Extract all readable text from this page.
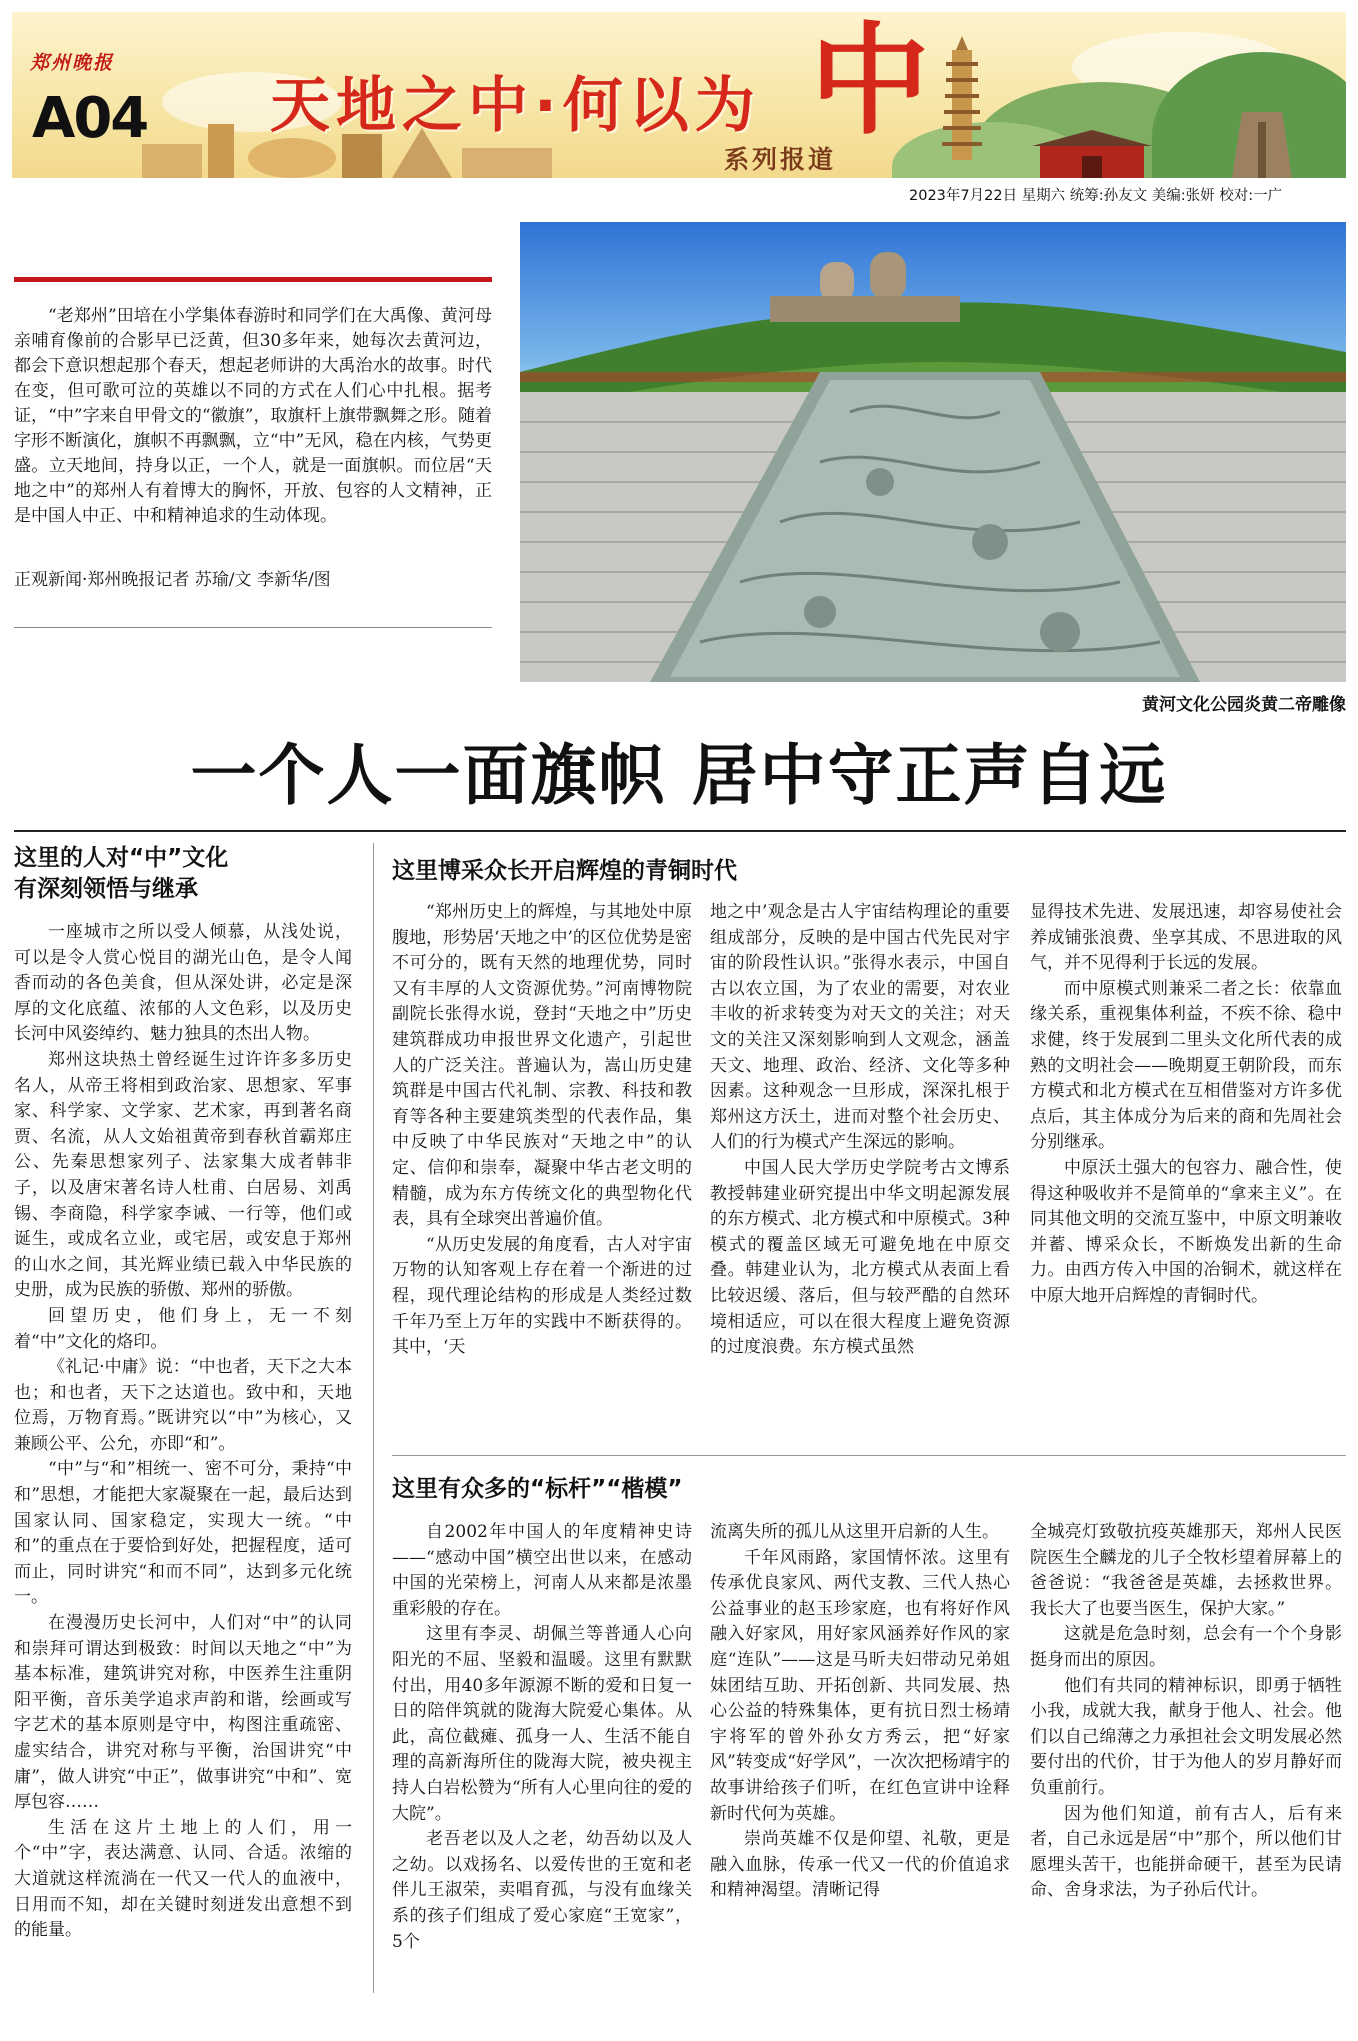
郑州晚报
A04 天地之中·何以为 中
系列报道
2023年7月22日 星期六 统筹:孙友文 美编:张妍 校对:一广
“老郑州”田培在小学集体春游时和同学们在大禹像、黄河母亲哺育像前的合影早已泛黄，但30多年来，她每次去黄河边，都会下意识想起那个春天，想起老师讲的大禹治水的故事。时代在变，但可歌可泣的英雄以不同的方式在人们心中扎根。据考证，“中”字来自甲骨文的“徽旗”，取旗杆上旗带飘舞之形。随着字形不断演化，旗帜不再飘飘，立“中”无风，稳在内核，气势更盛。立天地间，持身以正，一个人，就是一面旗帜。而位居“天地之中”的郑州人有着博大的胸怀，开放、包容的人文精神，正是中国人中正、中和精神追求的生动体现。
正观新闻·郑州晚报记者 苏瑜/文 李新华/图
黄河文化公园炎黄二帝雕像
一个人一面旗帜 居中守正声自远
这里的人对“中”文化
有深刻领悟与继承

一座城市之所以受人倾慕，从浅处说，可以是令人赏心悦目的湖光山色，是令人闻香而动的各色美食，但从深处讲，必定是深厚的文化底蕴、浓郁的人文色彩，以及历史长河中风姿绰约、魅力独具的杰出人物。

郑州这块热土曾经诞生过许许多多历史名人，从帝王将相到政治家、思想家、军事家、科学家、文学家、艺术家，再到著名商贾、名流，从人文始祖黄帝到春秋首霸郑庄公、先秦思想家列子、法家集大成者韩非子，以及唐宋著名诗人杜甫、白居易、刘禹锡、李商隐，科学家李诫、一行等，他们或诞生，或成名立业，或宅居，或安息于郑州的山水之间，其光辉业绩已载入中华民族的史册，成为民族的骄傲、郑州的骄傲。

回望历史，他们身上，无一不刻着“中”文化的烙印。

《礼记·中庸》说：“中也者，天下之大本也；和也者，天下之达道也。致中和，天地位焉，万物育焉。”既讲究以“中”为核心，又兼顾公平、公允，亦即“和”。

“中”与“和”相统一、密不可分，秉持“中和”思想，才能把大家凝聚在一起，最后达到国家认同、国家稳定，实现大一统。“中和”的重点在于要恰到好处，把握程度，适可而止，同时讲究“和而不同”，达到多元化统一。

在漫漫历史长河中，人们对“中”的认同和崇拜可谓达到极致：时间以天地之“中”为基本标准，建筑讲究对称，中医养生注重阴阳平衡，音乐美学追求声韵和谐，绘画或写字艺术的基本原则是守中，构图注重疏密、虚实结合，讲究对称与平衡，治国讲究“中庸”，做人讲究“中正”，做事讲究“中和”、宽厚包容……

生活在这片土地上的人们，用一个“中”字，表达满意、认同、合适。浓缩的大道就这样流淌在一代又一代人的血液中，日用而不知，却在关键时刻迸发出意想不到的能量。

这里博采众长开启辉煌的青铜时代

“郑州历史上的辉煌，与其地处中原腹地，形势居‘天地之中’的区位优势是密不可分的，既有天然的地理优势，同时又有丰厚的人文资源优势。”河南博物院副院长张得水说，登封“天地之中”历史建筑群成功申报世界文化遗产，引起世人的广泛关注。普遍认为，嵩山历史建筑群是中国古代礼制、宗教、科技和教育等各种主要建筑类型的代表作品，集中反映了中华民族对“天地之中”的认定、信仰和崇奉，凝聚中华古老文明的精髓，成为东方传统文化的典型物化代表，具有全球突出普遍价值。

“从历史发展的角度看，古人对宇宙万物的认知客观上存在着一个渐进的过程，现代理论结构的形成是人类经过数千年乃至上万年的实践中不断获得的。其中，‘天

地之中’观念是古人宇宙结构理论的重要组成部分，反映的是中国古代先民对宇宙的阶段性认识。”张得水表示，中国自古以农立国，为了农业的需要，对农业丰收的祈求转变为对天文的关注；对天文的关注又深刻影响到人文观念，涵盖天文、地理、政治、经济、文化等多种因素。这种观念一旦形成，深深扎根于郑州这方沃土，进而对整个社会历史、人们的行为模式产生深远的影响。

中国人民大学历史学院考古文博系教授韩建业研究提出中华文明起源发展的东方模式、北方模式和中原模式。3种模式的覆盖区域无可避免地在中原交叠。韩建业认为，北方模式从表面上看比较迟缓、落后，但与较严酷的自然环境相适应，可以在很大程度上避免资源的过度浪费。东方模式虽然

显得技术先进、发展迅速，却容易使社会养成铺张浪费、坐享其成、不思进取的风气，并不见得利于长远的发展。

而中原模式则兼采二者之长：依靠血缘关系，重视集体利益，不疾不徐、稳中求健，终于发展到二里头文化所代表的成熟的文明社会——晚期夏王朝阶段，而东方模式和北方模式在互相借鉴对方许多优点后，其主体成分为后来的商和先周社会分别继承。

中原沃土强大的包容力、融合性，使得这种吸收并不是简单的“拿来主义”。在同其他文明的交流互鉴中，中原文明兼收并蓄、博采众长，不断焕发出新的生命力。由西方传入中国的冶铜术，就这样在中原大地开启辉煌的青铜时代。

这里有众多的“标杆”“楷模”

自2002年中国人的年度精神史诗——“感动中国”横空出世以来，在感动中国的光荣榜上，河南人从来都是浓墨重彩般的存在。

这里有李灵、胡佩兰等普通人心向阳光的不屈、坚毅和温暖。这里有默默付出，用40多年源源不断的爱和日复一日的陪伴筑就的陇海大院爱心集体。从此，高位截瘫、孤身一人、生活不能自理的高新海所住的陇海大院，被央视主持人白岩松赞为“所有人心里向往的爱的大院”。

老吾老以及人之老，幼吾幼以及人之幼。以戏扬名、以爱传世的王宽和老伴儿王淑荣，卖唱育孤，与没有血缘关系的孩子们组成了爱心家庭“王宽家”，5个

流离失所的孤儿从这里开启新的人生。

千年风雨路，家国情怀浓。这里有传承优良家风、两代支教、三代人热心公益事业的赵玉珍家庭，也有将好作风融入好家风，用好家风涵养好作风的家庭“连队”——这是马昕夫妇带动兄弟姐妹团结互助、开拓创新、共同发展、热心公益的特殊集体，更有抗日烈士杨靖宇将军的曾外孙女方秀云，把“好家风”转变成“好学风”，一次次把杨靖宇的故事讲给孩子们听，在红色宣讲中诠释新时代何为英雄。

崇尚英雄不仅是仰望、礼敬，更是融入血脉，传承一代又一代的价值追求和精神渴望。清晰记得

全城亮灯致敬抗疫英雄那天，郑州人民医院医生仝麟龙的儿子仝牧杉望着屏幕上的爸爸说：“我爸爸是英雄，去拯救世界。我长大了也要当医生，保护大家。”

这就是危急时刻，总会有一个个身影挺身而出的原因。

他们有共同的精神标识，即勇于牺牲小我，成就大我，献身于他人、社会。他们以自己绵薄之力承担社会文明发展必然要付出的代价，甘于为他人的岁月静好而负重前行。

因为他们知道，前有古人，后有来者，自己永远是居“中”那个，所以他们甘愿埋头苦干，也能拼命硬干，甚至为民请命、舍身求法，为子孙后代计。
